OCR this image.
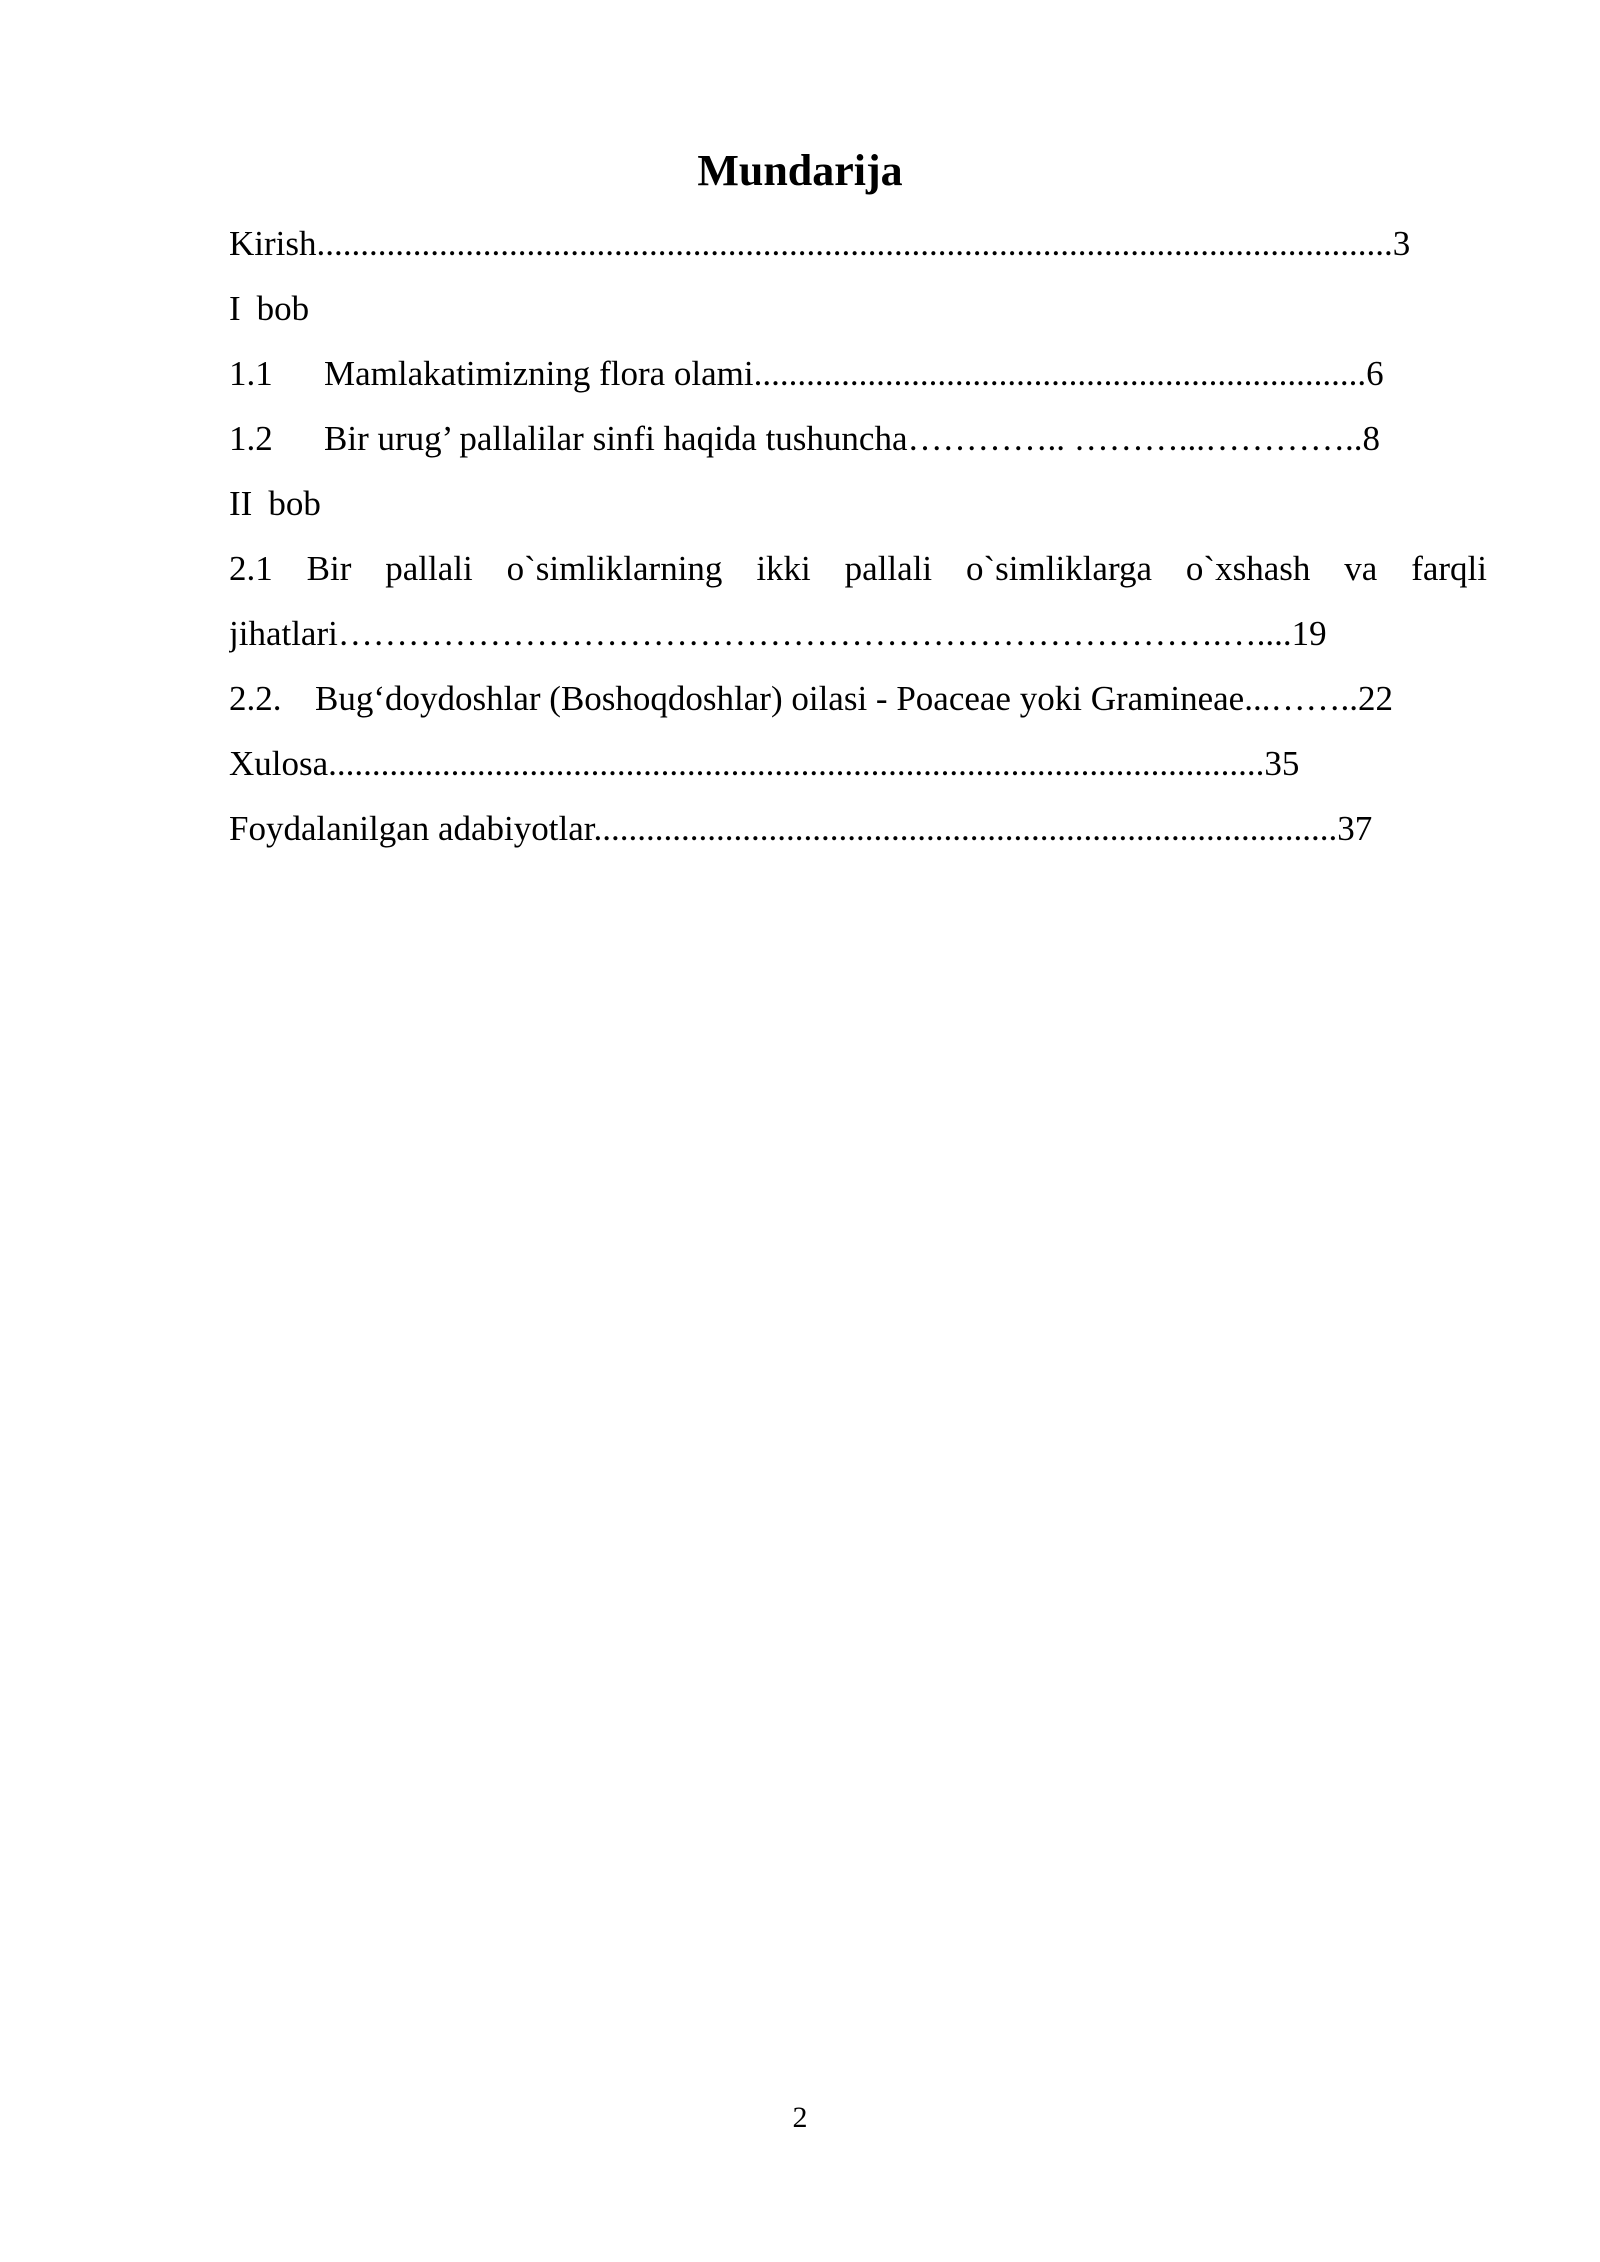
Mundarija
Kirish...........................................................................................................................3
I bob
1.1 Mamlakatimizning flora olami......................................................................6
1.2 Bir urug’ pallalilar sinfi haqida tushuncha………….. ………...…………..8
II bob
2.1 Bir pallali o`simliklarning ikki pallali o`simliklarga o`xshash va farqli
jihatlari………………………………………………………………….…....19
2.2. Bug‘doydoshlar (Boshoqdoshlar) oilasi - Poaceae yoki Gramineae...……..22
Xulosa...........................................................................................................35
Foydalanilgan adabiyotlar.....................................................................................37
2
